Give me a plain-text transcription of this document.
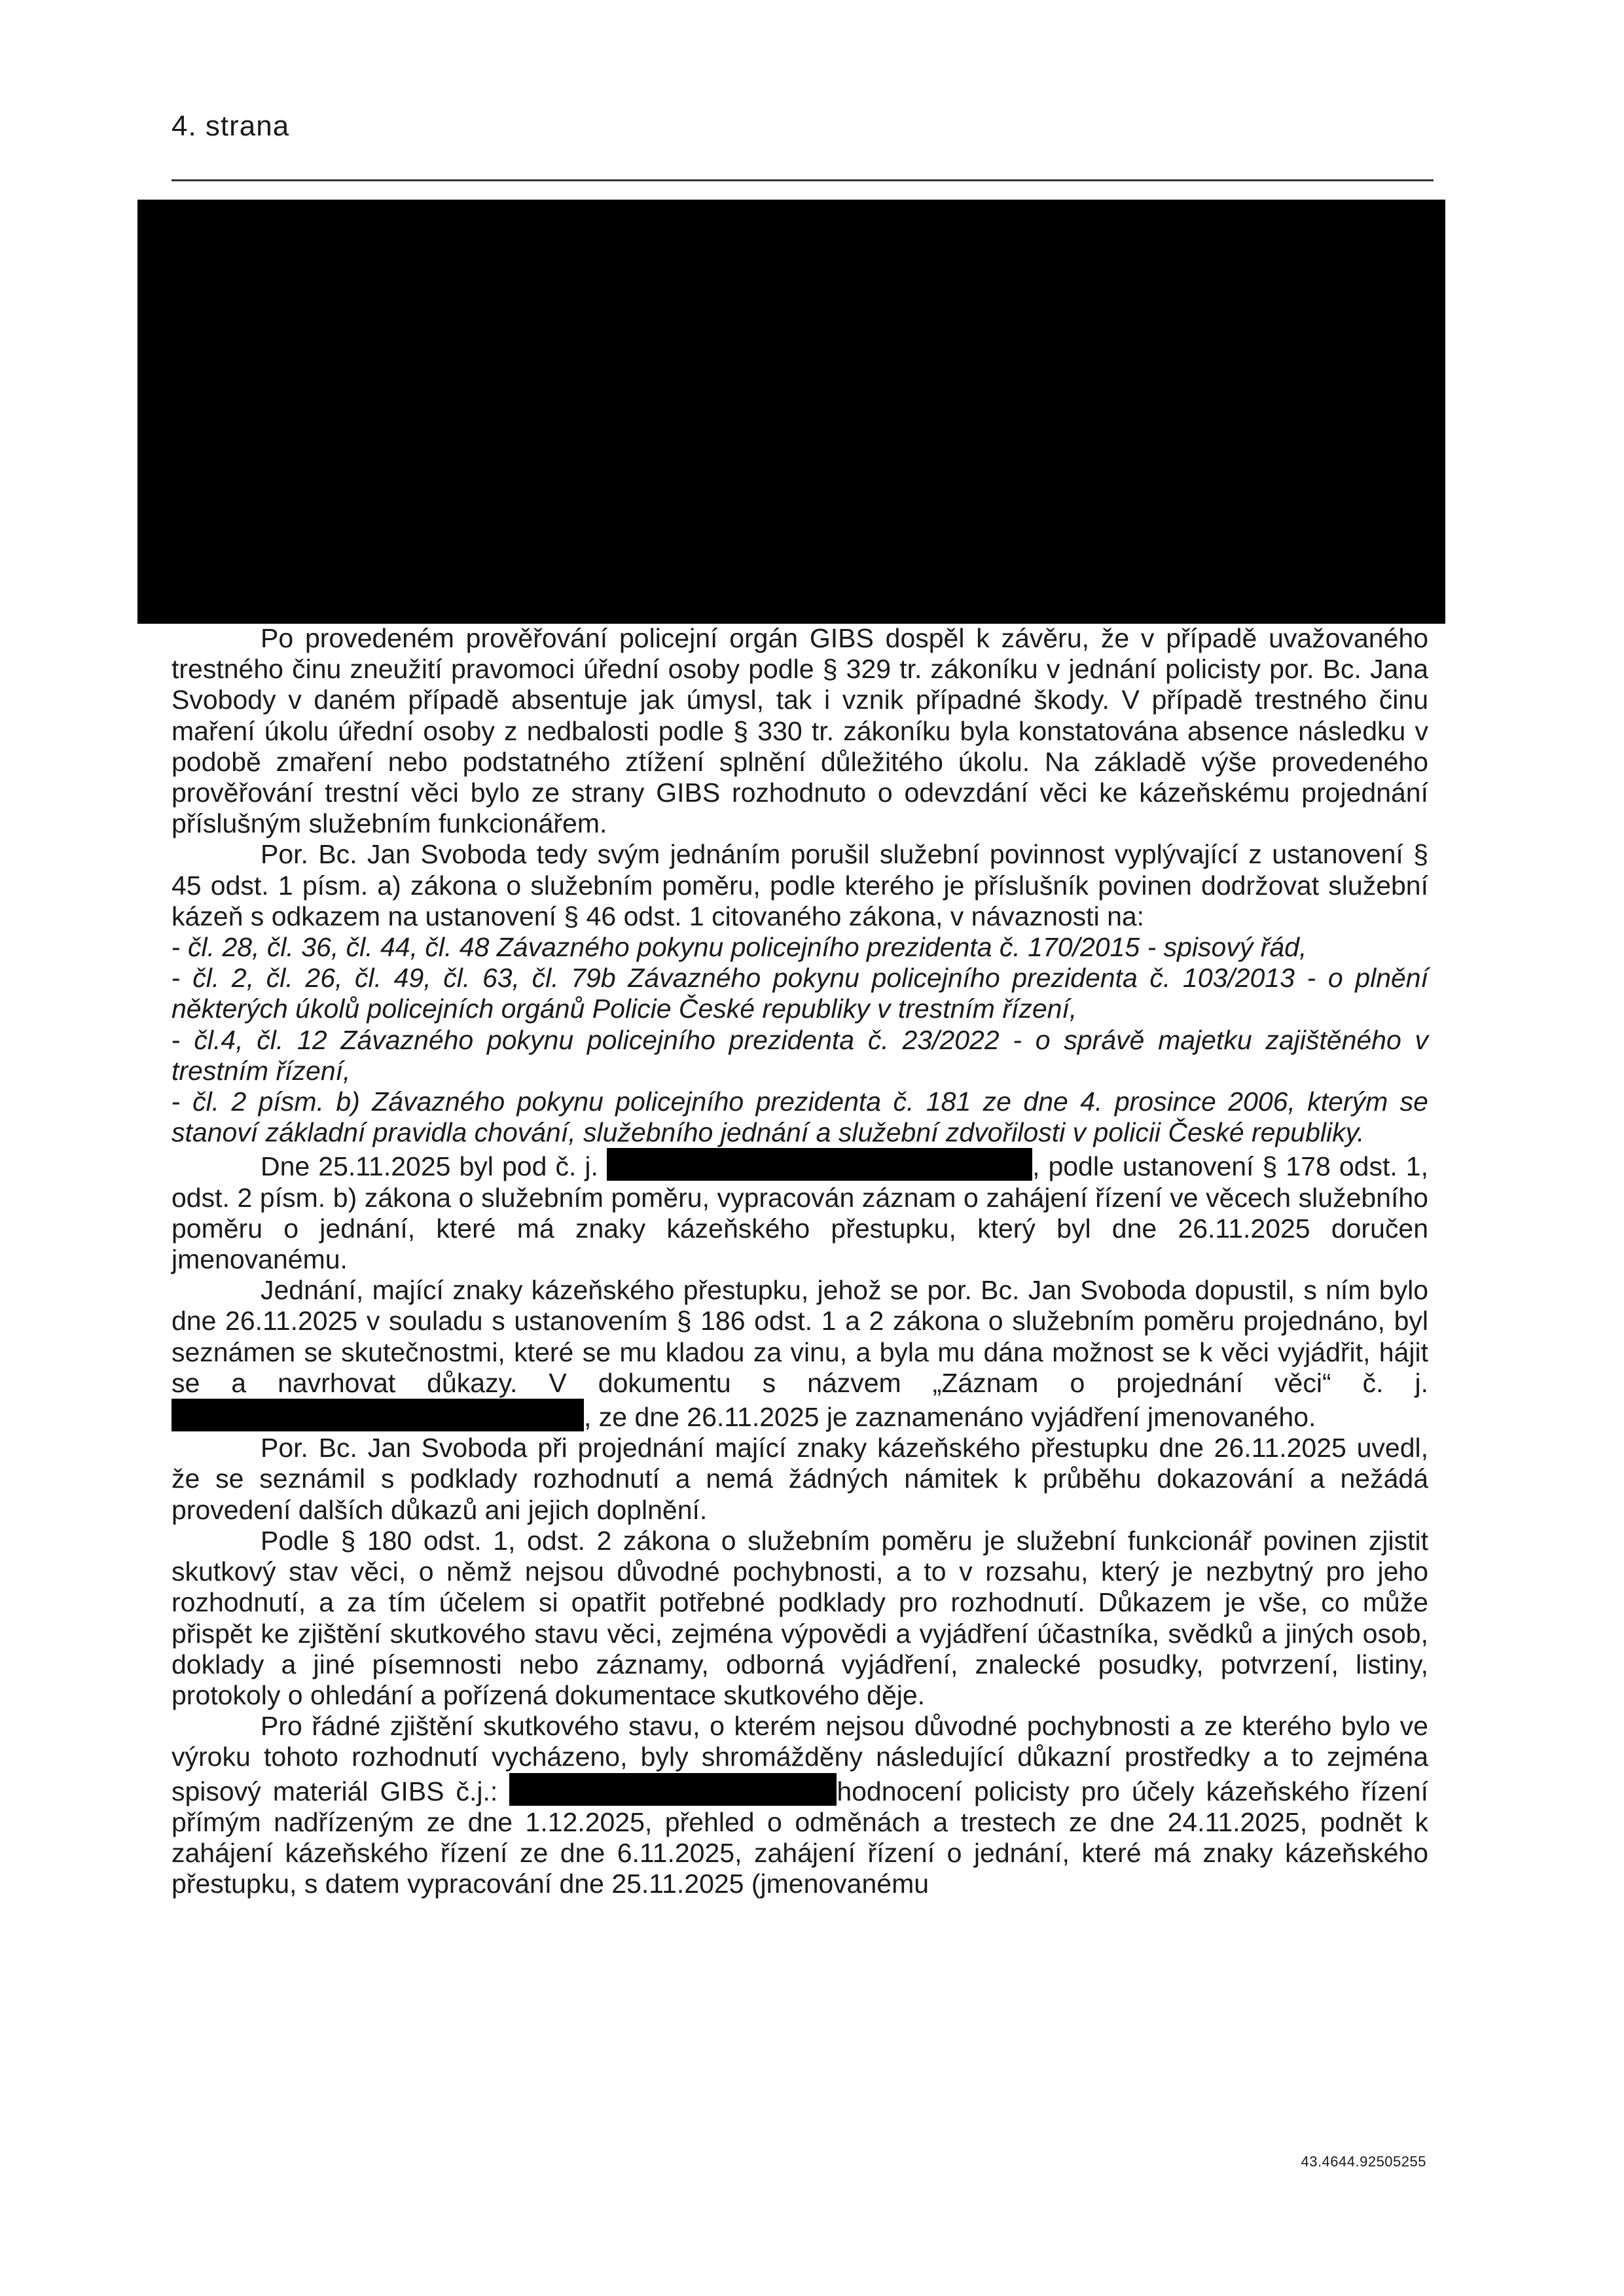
4. strana

Po provedeném prověřování policejní orgán GIBS dospěl k závěru, že v případě uvažovaného trestného činu zneužití pravomoci úřední osoby podle § 329 tr. zákoníku v jednání policisty por. Bc. Jana Svobody v daném případě absentuje jak úmysl, tak i vznik případné škody. V případě trestného činu maření úkolu úřední osoby z nedbalosti podle § 330 tr. zákoníku byla konstatována absence následku v podobě zmaření nebo podstatného ztížení splnění důležitého úkolu. Na základě výše provedeného prověřování trestní věci bylo ze strany GIBS rozhodnuto o odevzdání věci ke kázeňskému projednání příslušným služebním funkcionářem.

Por. Bc. Jan Svoboda tedy svým jednáním porušil služební povinnost vyplývající z ustanovení § 45 odst. 1 písm. a) zákona o služebním poměru, podle kterého je příslušník povinen dodržovat služební kázeň s odkazem na ustanovení § 46 odst. 1 citovaného zákona, v návaznosti na:

- čl. 28, čl. 36, čl. 44, čl. 48 Závazného pokynu policejního prezidenta č. 170/2015 - spisový řád,

- čl. 2, čl. 26, čl. 49, čl. 63, čl. 79b Závazného pokynu policejního prezidenta č. 103/2013 - o plnění některých úkolů policejních orgánů Policie České republiky v trestním řízení,

- čl.4, čl. 12 Závazného pokynu policejního prezidenta č. 23/2022 - o správě majetku zajištěného v trestním řízení,

- čl. 2 písm. b) Závazného pokynu policejního prezidenta č. 181 ze dne 4. prosince 2006, kterým se stanoví základní pravidla chování, služebního jednání a služební zdvořilosti v policii České republiky.

Dne 25.11.2025 byl pod č. j.	, podle ustanovení § 178 odst. 1, odst. 2 písm. b) zákona o služebním poměru, vypracován záznam o zahájení řízení ve věcech služebního poměru o jednání, které má znaky kázeňského přestupku, který byl dne 26.11.2025 doručen jmenovanému.

Jednání, mající znaky kázeňského přestupku, jehož se por. Bc. Jan Svoboda dopustil, s ním bylo dne 26.11.2025 v souladu s ustanovením § 186 odst. 1 a 2 zákona o služebním poměru projednáno, byl seznámen se skutečnostmi, které se mu kladou za vinu, a byla mu dána možnost se k věci vyjádřit, hájit se a navrhovat důkazy. V dokumentu s názvem „Záznam o projednání věci“ č. j. , ze dne 26.11.2025 je zaznamenáno vyjádření jmenovaného.

Por. Bc. Jan Svoboda při projednání mající znaky kázeňského přestupku dne 26.11.2025 uvedl, že se seznámil s podklady rozhodnutí a nemá žádných námitek k průběhu dokazování a nežádá provedení dalších důkazů ani jejich doplnění.

Podle § 180 odst. 1, odst. 2 zákona o služebním poměru je služební funkcionář povinen zjistit skutkový stav věci, o němž nejsou důvodné pochybnosti, a to v rozsahu, který je nezbytný pro jeho rozhodnutí, a za tím účelem si opatřit potřebné podklady pro rozhodnutí. Důkazem je vše, co může přispět ke zjištění skutkového stavu věci, zejména výpovědi a vyjádření účastníka, svědků a jiných osob, doklady a jiné písemnosti nebo záznamy, odborná vyjádření, znalecké posudky, potvrzení, listiny, protokoly o ohledání a pořízená dokumentace skutkového děje.

Pro řádné zjištění skutkového stavu, o kterém nejsou důvodné pochybnosti a ze kterého bylo ve výroku tohoto rozhodnutí vycházeno, byly shromážděny následující důkazní prostředky a to zejména spisový materiál GIBS č.j.:	hodnocení policisty pro účely kázeňského řízení přímým nadřízeným ze dne 1.12.2025, přehled o odměnách a trestech ze dne 24.11.2025, podnět k zahájení kázeňského řízení ze dne 6.11.2025, zahájení řízení o jednání, které má znaky kázeňského přestupku, s datem vypracování dne 25.11.2025 (jmenovanému

43.4644.92505255
